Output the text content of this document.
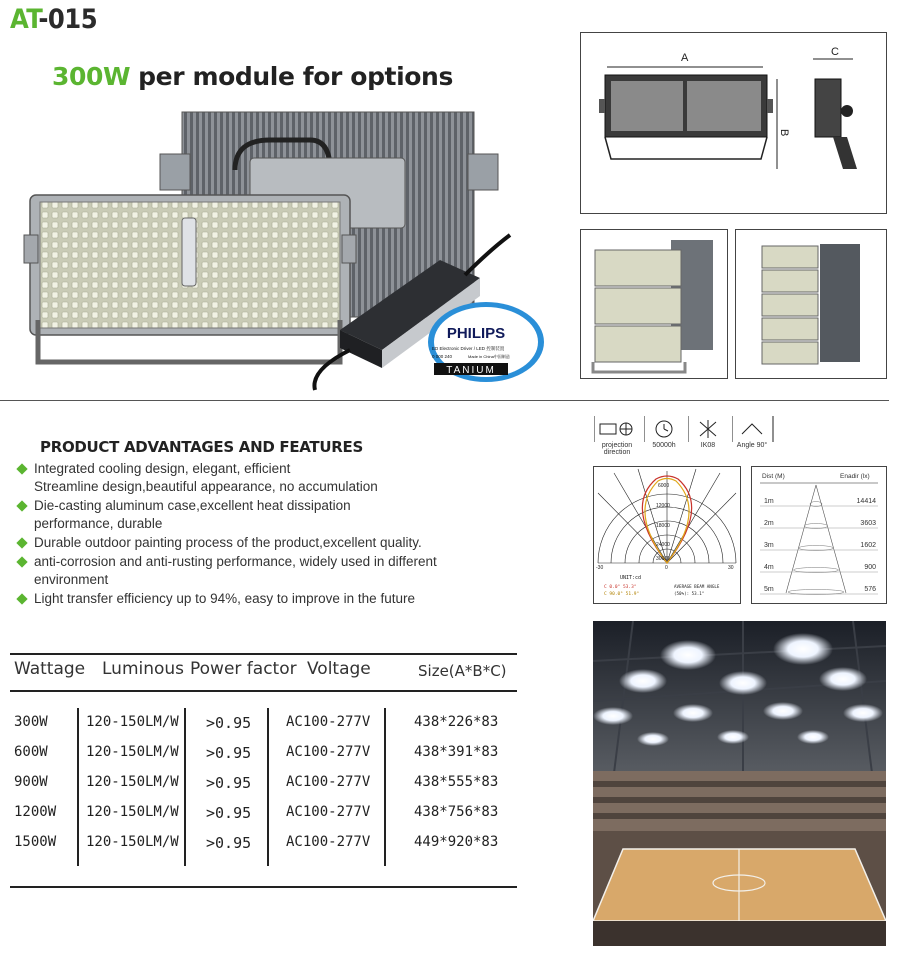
AT-015
300W per module for options
PHILIPS
ED Electronic Driver / LED 控制装置
0 000 240	Made in China中国制造
TANIUM
A
B
C
PRODUCT ADVANTAGES AND FEATURES
Integrated cooling design, elegant, efficient
Streamline design,beautiful appearance, no accumulation
Die-casting aluminum case,excellent heat dissipation
performance, durable
Durable outdoor painting process of the product,excellent quality.
anti-corrosion and anti-rusting performance, widely used in different
environment
Light transfer efficiency up to 94%, easy to improve in the future
Wattage Luminous Power factor Voltage	Size(A*B*C)
300W	120-150LM/W >0.95 AC100-277V	438*226*83
600W	120-150LM/W >0.95 AC100-277V	438*391*83
900W	120-150LM/W >0.95 AC100-277V	438*555*83
1200W 120-150LM/W >0.95 AC100-277V	438*756*83
1500W 120-150LM/W >0.95 AC100-277V	449*920*83
projection direction
50000h	IK08	Angle 90°
6000
12000
18000
24000
30000
-30	30
0
UNIT:cd
C 0.0° 53.3°
C 90.0° 51.9°
AVERAGE BEAM ANGLE
(50%): 53.1°
Dist (M)	Enadir (lx)
1m	14414
2m	3603
3m	1602
4m	900
5m	576
